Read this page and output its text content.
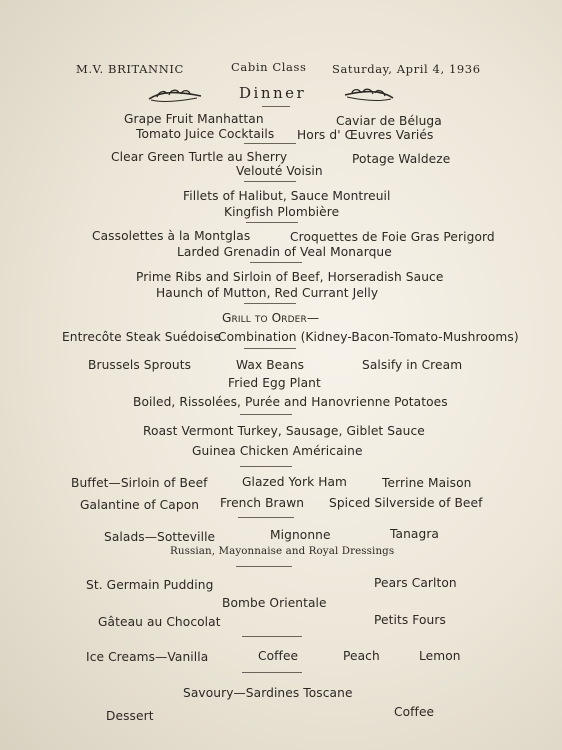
M.V. BRITANNIC	Cabin Class Saturday, April 4, 1936
Dinner
Grape Fruit Manhattan	Caviar de Béluga
Tomato Juice Cocktails Hors d' Œuvres Variés
Clear Green Turtle au Sherry	Potage Waldeze
Velouté Voisin
Fillets of Halibut, Sauce Montreuil
Kingfish Plombière
Cassolettes à la Montglas	Croquettes de Foie Gras Perigord
Larded Grenadin of Veal Monarque
Prime Ribs and Sirloin of Beef, Horseradish Sauce
Haunch of Mutton, Red Currant Jelly
Grill to Order—
Entrecôte Steak Suédoise
Combination (Kidney-Bacon-Tomato-Mushrooms)
Brussels Sprouts	Wax Beans	Salsify in Cream
Fried Egg Plant
Boiled, Rissolées, Purée and Hanovrienne Potatoes
Roast Vermont Turkey, Sausage, Giblet Sauce
Guinea Chicken Américaine
Buffet—Sirloin of Beef	Glazed York Ham	Terrine Maison
Galantine of Capon French Brawn Spiced Silverside of Beef
Salads—Sotteville	Mignonne	Tanagra
Russian, Mayonnaise and Royal Dressings
St. Germain Pudding	Pears Carlton
Bombe Orientale
Gâteau au Chocolat	Petits Fours
Ice Creams—Vanilla	Coffee	Peach	Lemon
Savoury—Sardines Toscane
Dessert	Coffee
